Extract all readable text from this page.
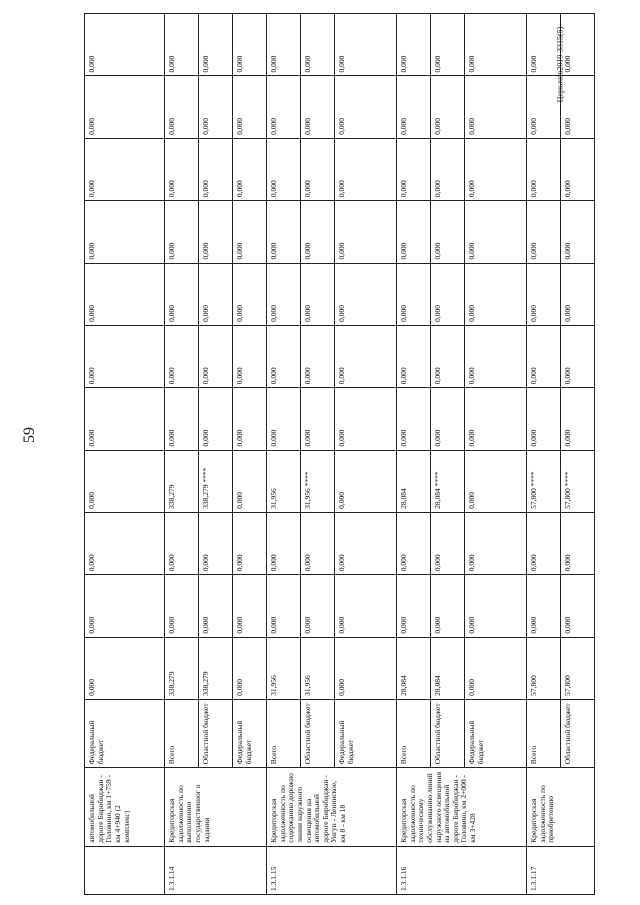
59
Церкачев2019-3315(5)
	автомобильной дороге Биробиджан - Головино, км 1+759 - км 4+940 (2 комплекс)	Федеральный бюджет	0,000	0,000	0,000	0,000	0,000	0,000	0,000	0,000	0,000	0,000	0,000
1.3.1.14	Кредиторская задолженность по выполнению государственног о задания	Всего	338,279	0,000	0,000	338,279	0,000	0,000	0,000	0,000	0,000	0,000	0,000
		Областной бюджет	338,279	0,000	0,000	338,279 ****	0,000	0,000	0,000	0,000	0,000	0,000	0,000
		Федеральный бюджет	0,000	0,000	0,000	0,000	0,000	0,000	0,000	0,000	0,000	0,000	0,000
1.3.1.15	Кредиторская задолженность по содержанию дорожно линии наружного освещения на автомобильной дороге Биробиджан - Унгун - Ленинское, км 8 - км 18	Всего	31,956	0,000	0,000	31,956	0,000	0,000	0,000	0,000	0,000	0,000	0,000
		Областной бюджет	31,956	0,000	0,000	31,956 ****	0,000	0,000	0,000	0,000	0,000	0,000	0,000
		Федеральный бюджет	0,000	0,000	0,000	0,000	0,000	0,000	0,000	0,000	0,000	0,000	0,000
1.3.1.16	Кредиторская задолженность по техническому обслуживанию линий наружного освещения на автомобильной дороге Биробиджан - Головино, км 2+000 - км 3+428	Всего	28,084	0,000	0,000	28,084	0,000	0,000	0,000	0,000	0,000	0,000	0,000
		Областной бюджет	28,084	0,000	0,000	28,084 ****	0,000	0,000	0,000	0,000	0,000	0,000	0,000
		Федеральный бюджет	0,000	0,000	0,000	0,000	0,000	0,000	0,000	0,000	0,000	0,000	0,000
1.3.1.17	Кредиторская задолженность по приобретению	Всего	57,800	0,000	0,000	57,800 ****	0,000	0,000	0,000	0,000	0,000	0,000	0,000
		Областной бюджет	57,800	0,000	0,000	57,800 ****	0,000	0,000	0,000	0,000	0,000	0,000	0,000
